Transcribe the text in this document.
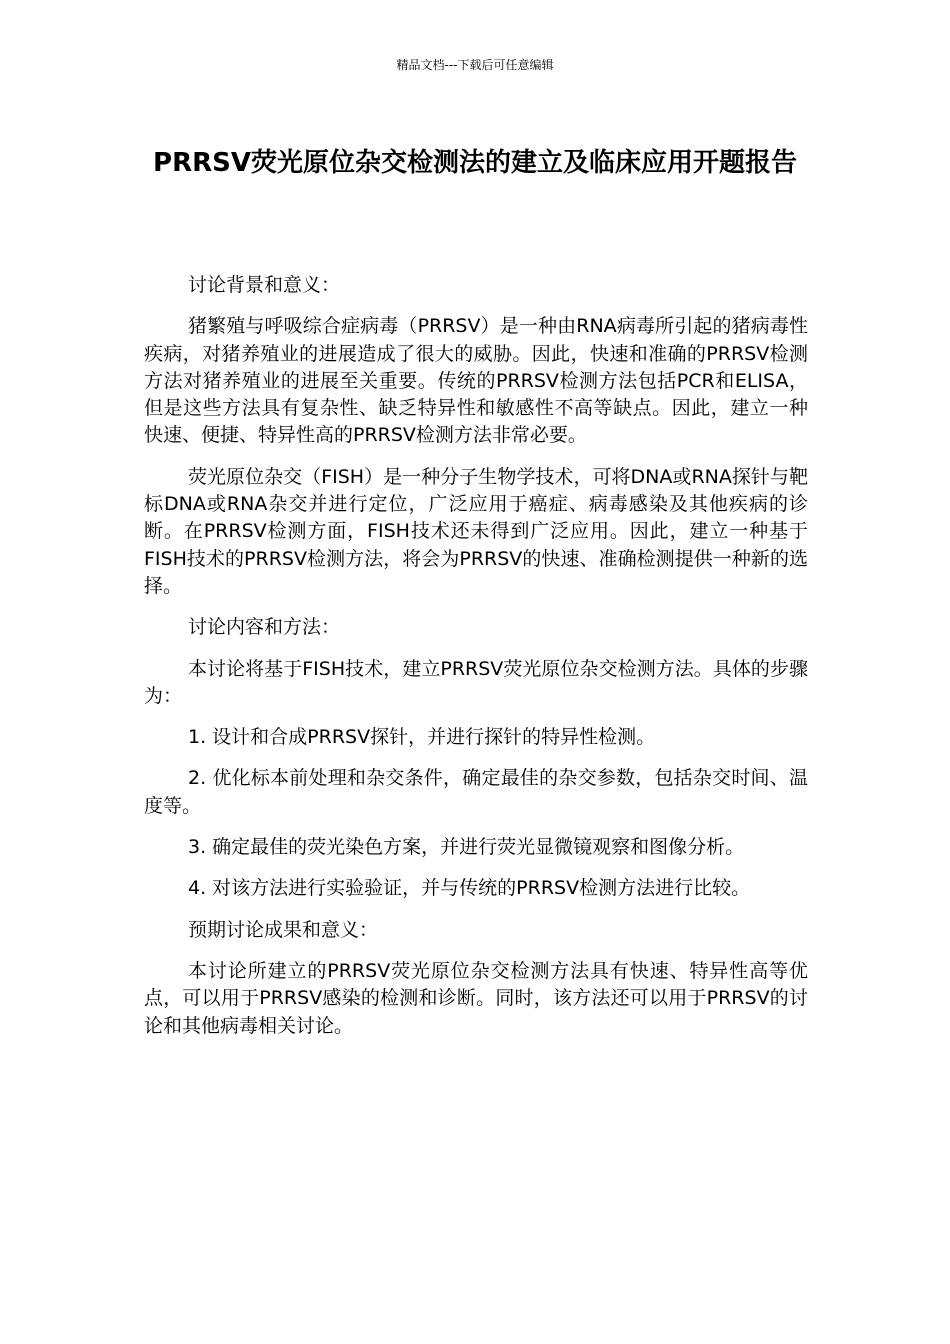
精品文档---下载后可任意编辑
PRRSV荧光原位杂交检测法的建立及临床应用开题报告

讨论背景和意义：

猪繁殖与呼吸综合症病毒（PRRSV）是一种由RNA病毒所引起的猪病毒性疾病，对猪养殖业的进展造成了很大的威胁。因此，快速和准确的PRRSV检测方法对猪养殖业的进展至关重要。传统的PRRSV检测方法包括PCR和ELISA，但是这些方法具有复杂性、缺乏特异性和敏感性不高等缺点。因此，建立一种快速、便捷、特异性高的PRRSV检测方法非常必要。

荧光原位杂交（FISH）是一种分子生物学技术，可将DNA或RNA探针与靶标DNA或RNA杂交并进行定位，广泛应用于癌症、病毒感染及其他疾病的诊断。在PRRSV检测方面，FISH技术还未得到广泛应用。因此，建立一种基于FISH技术的PRRSV检测方法，将会为PRRSV的快速、准确检测提供一种新的选择。

讨论内容和方法：

本讨论将基于FISH技术，建立PRRSV荧光原位杂交检测方法。具体的步骤为：

1. 设计和合成PRRSV探针，并进行探针的特异性检测。

2. 优化标本前处理和杂交条件，确定最佳的杂交参数，包括杂交时间、温度等。

3. 确定最佳的荧光染色方案，并进行荧光显微镜观察和图像分析。

4. 对该方法进行实验验证，并与传统的PRRSV检测方法进行比较。

预期讨论成果和意义：

本讨论所建立的PRRSV荧光原位杂交检测方法具有快速、特异性高等优点，可以用于PRRSV感染的检测和诊断。同时，该方法还可以用于PRRSV的讨论和其他病毒相关讨论。
